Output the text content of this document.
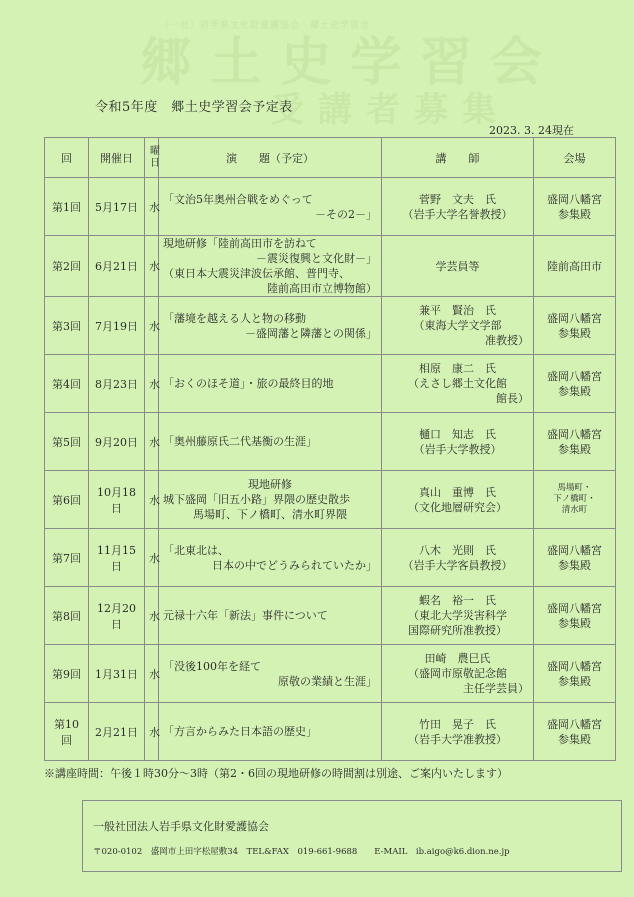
（一社）岩手県文化財愛護協会　郷土史学習会
郷土史学習会
受講者募集
令和5年度　郷土史学習会予定表
2023. 3. 24現在
回	開催日	曜日	演　　題（予定）	講　　師	会場
第1回	5月17日	水	「文治5年奥州合戦をめぐって
－その2－」	菅野　文夫　氏
（岩手大学名誉教授）	盛岡八幡宮
参集殿

第2回	6月21日	水	現地研修「陸前高田市を訪ねて
－震災復興と文化財－」
（東日本大震災津波伝承館、普門寺、
陸前高田市立博物館）	学芸員等	陸前高田市

第3回	7月19日	水	「藩境を越える人と物の移動
－盛岡藩と隣藩との関係」	兼平　賢治　氏
（東海大学文学部
准教授）	盛岡八幡宮
参集殿

第4回	8月23日	水	「おくのほそ道」・旅の最終目的地	相原　康二　氏
（えさし郷土文化館
館長）	盛岡八幡宮
参集殿

第5回	9月20日	水	「奥州藤原氏二代基衡の生涯」	樋口　知志　氏
（岩手大学教授）	盛岡八幡宮
参集殿

第6回	10月18日	水	現地研修
城下盛岡「旧五小路」界隈の歴史散歩
馬場町、下ノ橋町、清水町界隈	真山　重博　氏
（文化地層研究会）	馬場町・
下ノ橋町・
清水町

第7回	11月15日	水	「北東北は、
日本の中でどうみられていたか」	八木　光則　氏
（岩手大学客員教授）	盛岡八幡宮
参集殿

第8回	12月20日	水	元禄十六年「新法」事件について	蝦名　裕一　氏
（東北大学災害科学
国際研究所准教授）	盛岡八幡宮
参集殿

第9回	1月31日	水	「没後100年を経て
原敬の業績と生涯」	田崎　農巳氏
（盛岡市原敬記念館
主任学芸員）	盛岡八幡宮
参集殿

第10回	2月21日	水	「方言からみた日本語の歴史」	竹田　晃子　氏
（岩手大学准教授）	盛岡八幡宮
参集殿
※講座時間：午後１時30分～3時（第2・6回の現地研修の時間割は別途、ご案内いたします）
一般社団法人岩手県文化財愛護協会
〒020-0102　盛岡市上田字松屋敷34　TEL&FAX　019-661-9688　　E-MAIL　ib.aigo@k6.dion.ne.jp
